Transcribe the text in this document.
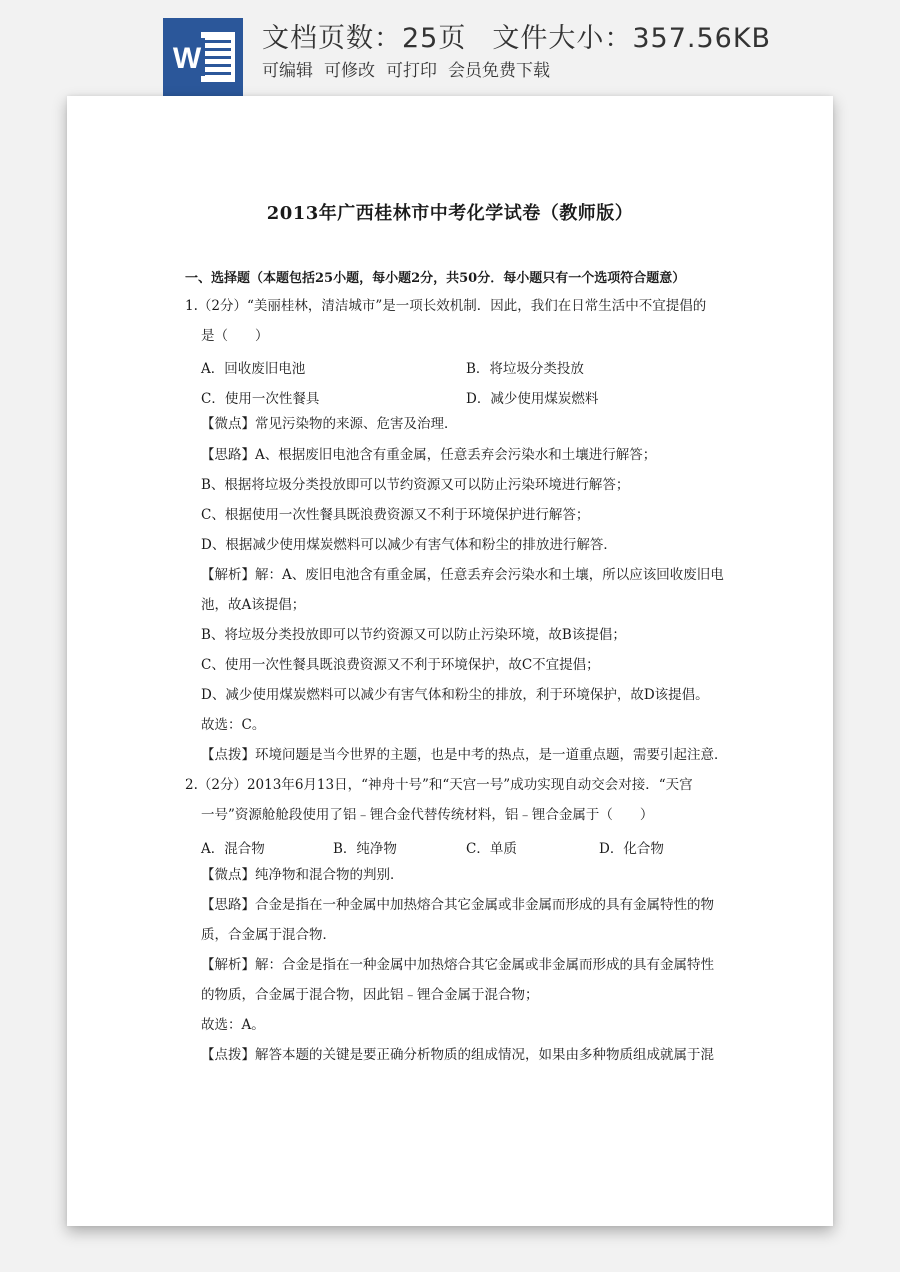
W
文档页数：25页 文件大小：357.56KB
可编辑 可修改 可打印 会员免费下载
2013年广西桂林市中考化学试卷（教师版）
一、选择题（本题包括25小题，每小题2分，共50分．每小题只有一个选项符合题意）
1.（2分）“美丽桂林，清洁城市”是一项长效机制．因此，我们在日常生活中不宜提倡的
是（　　）
A．回收废旧电池	B．将垃圾分类投放
C．使用一次性餐具	D．减少使用煤炭燃料
【微点】常见污染物的来源、危害及治理．
【思路】A、根据废旧电池含有重金属，任意丢弃会污染水和土壤进行解答；
B、根据将垃圾分类投放即可以节约资源又可以防止污染环境进行解答；
C、根据使用一次性餐具既浪费资源又不利于环境保护进行解答；
D、根据减少使用煤炭燃料可以减少有害气体和粉尘的排放进行解答．
【解析】解：A、废旧电池含有重金属，任意丢弃会污染水和土壤，所以应该回收废旧电
池，故A该提倡；
B、将垃圾分类投放即可以节约资源又可以防止污染环境，故B该提倡；
C、使用一次性餐具既浪费资源又不利于环境保护，故C不宜提倡；
D、减少使用煤炭燃料可以减少有害气体和粉尘的排放，利于环境保护，故D该提倡。
故选：C。
【点拨】环境问题是当今世界的主题，也是中考的热点，是一道重点题，需要引起注意．
2.（2分）2013年6月13日，“神舟十号”和“天宫一号”成功实现自动交会对接．“天宫
一号”资源舱舱段使用了铝﹣锂合金代替传统材料，铝﹣锂合金属于（　　）
A．混合物	B．纯净物	C．单质	D．化合物
【微点】纯净物和混合物的判别．
【思路】合金是指在一种金属中加热熔合其它金属或非金属而形成的具有金属特性的物
质，合金属于混合物．
【解析】解：合金是指在一种金属中加热熔合其它金属或非金属而形成的具有金属特性
的物质，合金属于混合物，因此铝﹣锂合金属于混合物；
故选：A。
【点拨】解答本题的关键是要正确分析物质的组成情况，如果由多种物质组成就属于混
